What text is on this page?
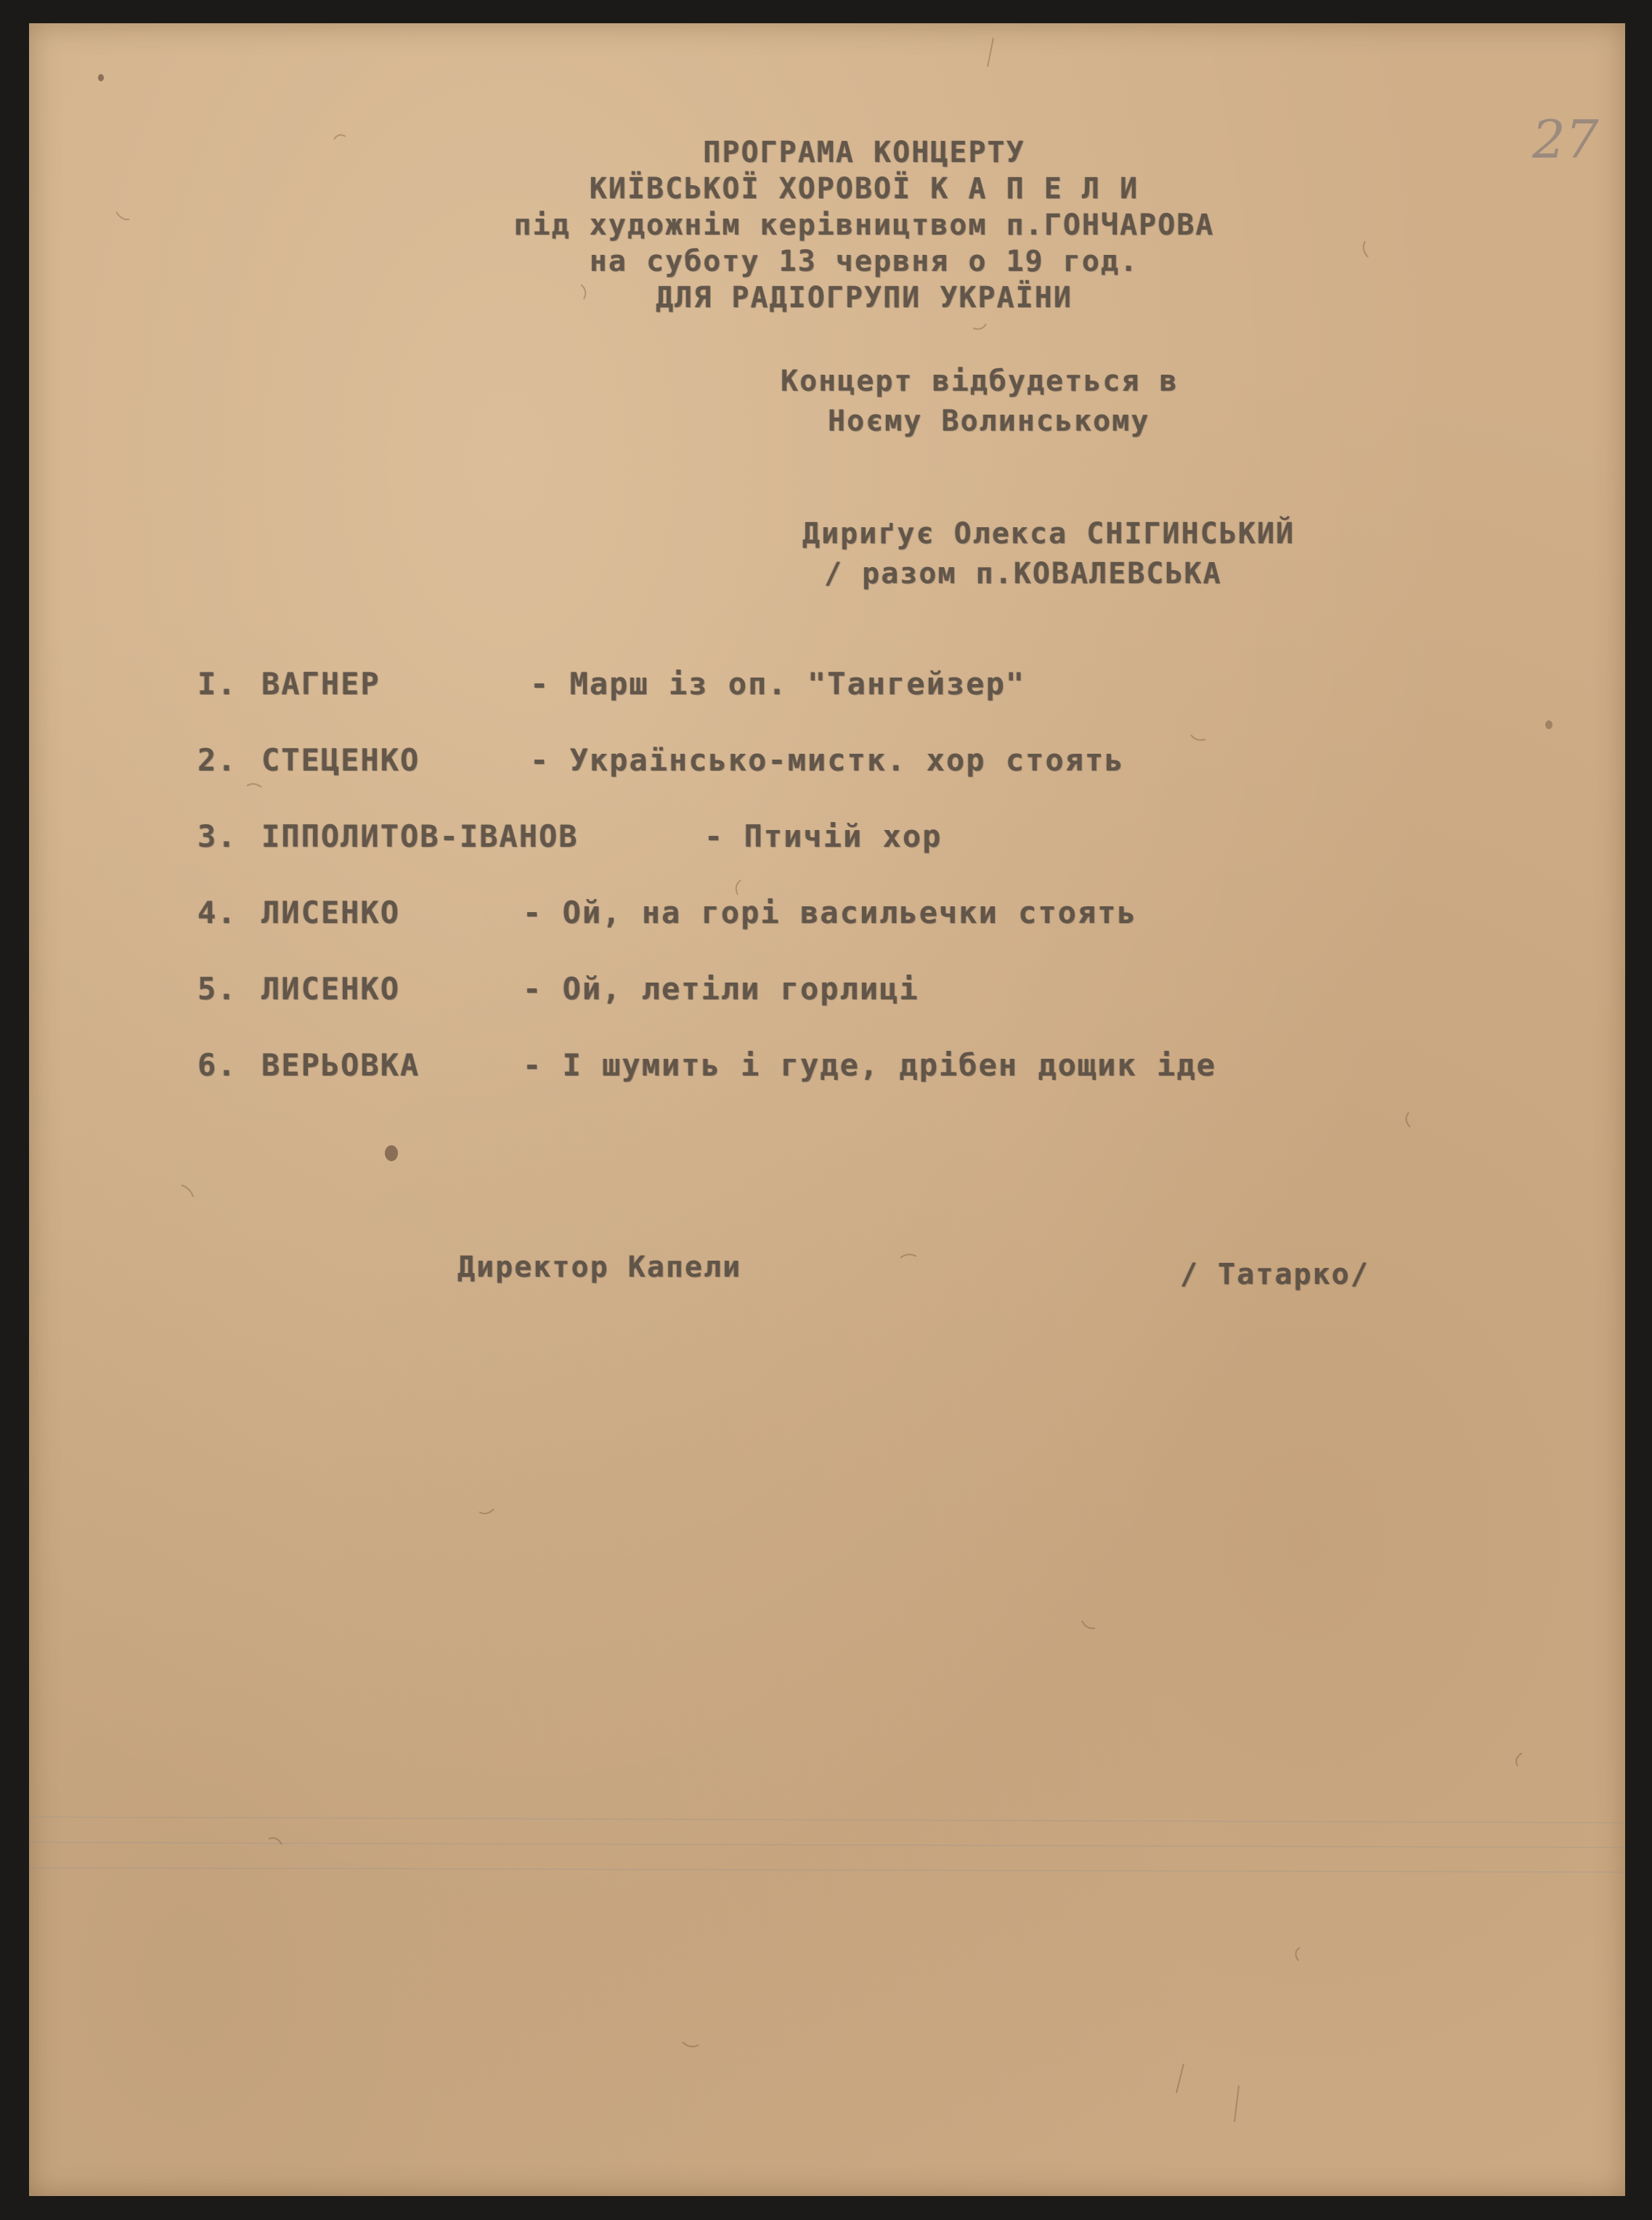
27
ПРОГРАМА КОНЦЕРТУ
КИЇВСЬКОЇ ХОРОВОЇ К А П Е Л И
під художнім керівництвом п.ГОНЧАРОВА
на суботу 13 червня о 19 год.
ДЛЯ РАДІОГРУПИ УКРАЇНИ
Концерт відбудеться в
Ноєму Волинському
Дириґує Олекса СНІГИНСЬКИЙ
/ разом п.КОВАЛЕВСЬКА
I. ВАГНЕР	- Марш із оп. "Тангейзер"
2. СТЕЦЕНКО	- Українсько-мистк. хор стоять
3. ІППОЛИТОВ-ІВАНОВ	- Птичій хор
4. ЛИСЕНКО	- Ой, на горі васильечки стоять
5. ЛИСЕНКО	- Ой, летіли горлиці
6. ВЕРЬОВКА	- І шумить і гуде, дрібен дощик іде
Директор Капели	/ Татарко/
